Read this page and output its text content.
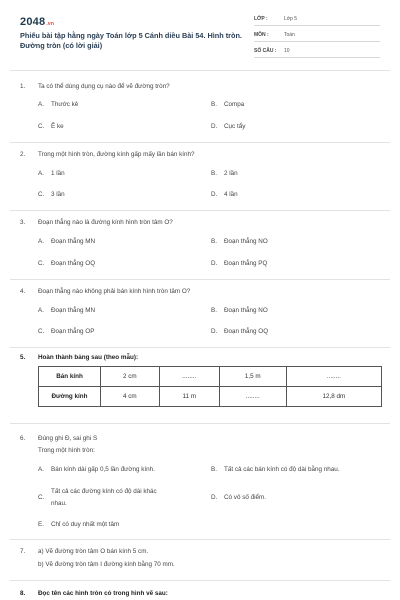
2048.vn
Phiếu bài tập hằng ngày Toán lớp 5 Cánh diều Bài 54. Hình tròn. Đường tròn (có lời giải)
LỚP :	Lớp 5
MÔN :	Toán
SỐ CÂU : 10
1. Ta có thể dùng dụng cụ nào để vẽ đường tròn?
A. Thước kẻ	B. Compa
C. Ê ke	D. Cục tẩy
2. Trong một hình tròn, đường kính gấp mấy lần bán kính?
A. 1 lần	B. 2 lần
C. 3 lần	D. 4 lần
3. Đoạn thẳng nào là đường kính hình tròn tâm O?
A. Đoạn thẳng MN	B. Đoạn thẳng NO
C. Đoạn thẳng OQ	D. Đoạn thẳng PQ
4. Đoạn thẳng nào không phải bán kính hình tròn tâm O?
A. Đoạn thẳng MN	B. Đoạn thẳng NO
C. Đoạn thẳng OP	D. Đoạn thẳng OQ
5. Hoàn thành bảng sau (theo mẫu):
Bán kính	2 cm	........	1,5 m	........
Đường kính	4 cm	11 m	........	12,8 dm
6. Đúng ghi Đ, sai ghi S
Trong một hình tròn:
A. Bán kính dài gấp 0,5 lần đường kính.	B. Tất cả các bán kính có độ dài bằng nhau.
C.
Tất cả các đường kính có độ dài khác
nhau.
D. Có vô số điểm.
E. Chỉ có duy nhất một tâm
7. a) Vẽ đường tròn tâm O bán kính 5 cm.
b) Vẽ đường tròn tâm I đường kính bằng 70 mm.
8. Đọc tên các hình tròn có trong hình vẽ sau:
